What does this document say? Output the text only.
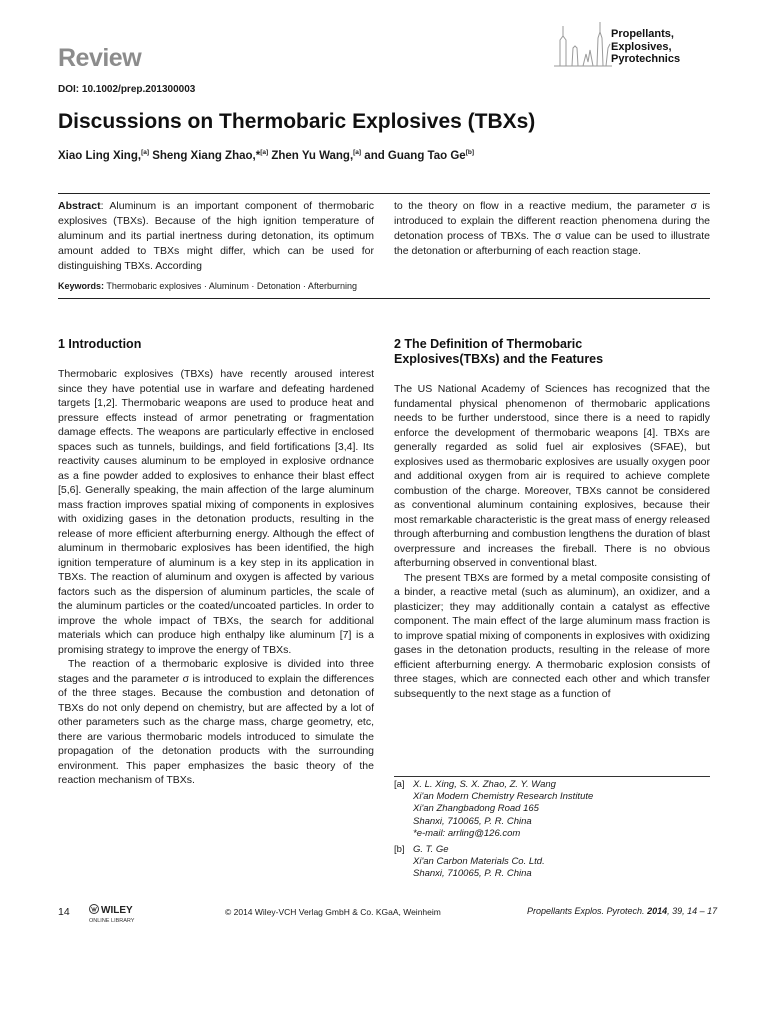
Review
Propellants,
Explosives,
Pyrotechnics
DOI: 10.1002/prep.201300003
Discussions on Thermobaric Explosives (TBXs)
Xiao Ling Xing,[a] Sheng Xiang Zhao,*[a] Zhen Yu Wang,[a] and Guang Tao Ge[b]
Abstract: Aluminum is an important component of thermobaric explosives (TBXs). Because of the high ignition temperature of aluminum and its partial inertness during detonation, its optimum amount added to TBXs might differ, which can be used for distinguishing TBXs. According
to the theory on flow in a reactive medium, the parameter σ is introduced to explain the different reaction phenomena during the detonation process of TBXs. The σ value can be used to illustrate the detonation or afterburning of each reaction stage.
Keywords: Thermobaric explosives · Aluminum · Detonation · Afterburning
1 Introduction

Thermobaric explosives (TBXs) have recently aroused interest since they have potential use in warfare and defeating hardened targets [1,2]. Thermobaric weapons are used to produce heat and pressure effects instead of armor penetrating or fragmentation damage effects. The weapons are particularly effective in enclosed spaces such as tunnels, buildings, and field fortifications [3,4]. Its reactivity causes aluminum to be employed in explosive ordnance as a fine powder added to explosives to enhance their blast effect [5,6]. Generally speaking, the main affection of the large aluminum mass fraction improves spatial mixing of components in explosives with oxidizing gases in the detonation products, resulting in the release of more efficient afterburning energy. Although the effect of aluminum in thermobaric explosives has been identified, the high ignition temperature of aluminum is a key step in its application in TBXs. The reaction of aluminum and oxygen is affected by various factors such as the dispersion of aluminum particles, the scale of the aluminum particles or the coated/uncoated particles. In order to improve the whole impact of TBXs, the search for additional materials which can produce high enthalpy like aluminum [7] is a promising strategy to improve the energy of TBXs.

The reaction of a thermobaric explosive is divided into three stages and the parameter σ is introduced to explain the differences of the three stages. Because the combustion and detonation of TBXs do not only depend on chemistry, but are affected by a lot of other parameters such as the charge mass, charge geometry, etc, there are various thermobaric models introduced to simulate the propagation of the detonation products with the surrounding environment. This paper emphasizes the basic theory of the reaction mechanism of TBXs.

2 The Definition of Thermobaric
Explosives(TBXs) and the Features

The US National Academy of Sciences has recognized that the fundamental physical phenomenon of thermobaric applications needs to be further understood, since there is a need to rapidly enforce the development of thermobaric weapons [4]. TBXs are generally regarded as solid fuel air explosives (SFAE), but explosives used as thermobaric explosives are usually oxygen poor and additional oxygen from air is required to achieve complete combustion of the charge. Moreover, TBXs cannot be considered as conventional aluminum containing explosives, because their most remarkable characteristic is the great mass of energy released through afterburning and combustion lengthens the duration of blast overpressure and increases the fireball. There is no obvious afterburning observed in conventional blast.

The present TBXs are formed by a metal composite consisting of a binder, a reactive metal (such as aluminum), an oxidizer, and a plasticizer; they may additionally contain a catalyst as effective component. The main effect of the large aluminum mass fraction is to improve spatial mixing of components in explosives with oxidizing gases in the detonation products, resulting in the release of more efficient afterburning energy. A thermobaric explosion consists of three stages, which are connected each other and which transfer subsequently to the next stage as a function of

[a] X. L. Xing, S. X. Zhao, Z. Y. Wang
Xi'an Modern Chemistry Research Institute
Xi'an Zhangbadong Road 165
Shanxi, 710065, P. R. China
*e-mail: arrling@126.com
[b] G. T. Ge
Xi'an Carbon Materials Co. Ltd.
Shanxi, 710065, P. R. China
14	WILEY
ONLINE LIBRARY
© 2014 Wiley-VCH Verlag GmbH & Co. KGaA, Weinheim	Propellants Explos. Pyrotech. 2014, 39, 14 – 17
